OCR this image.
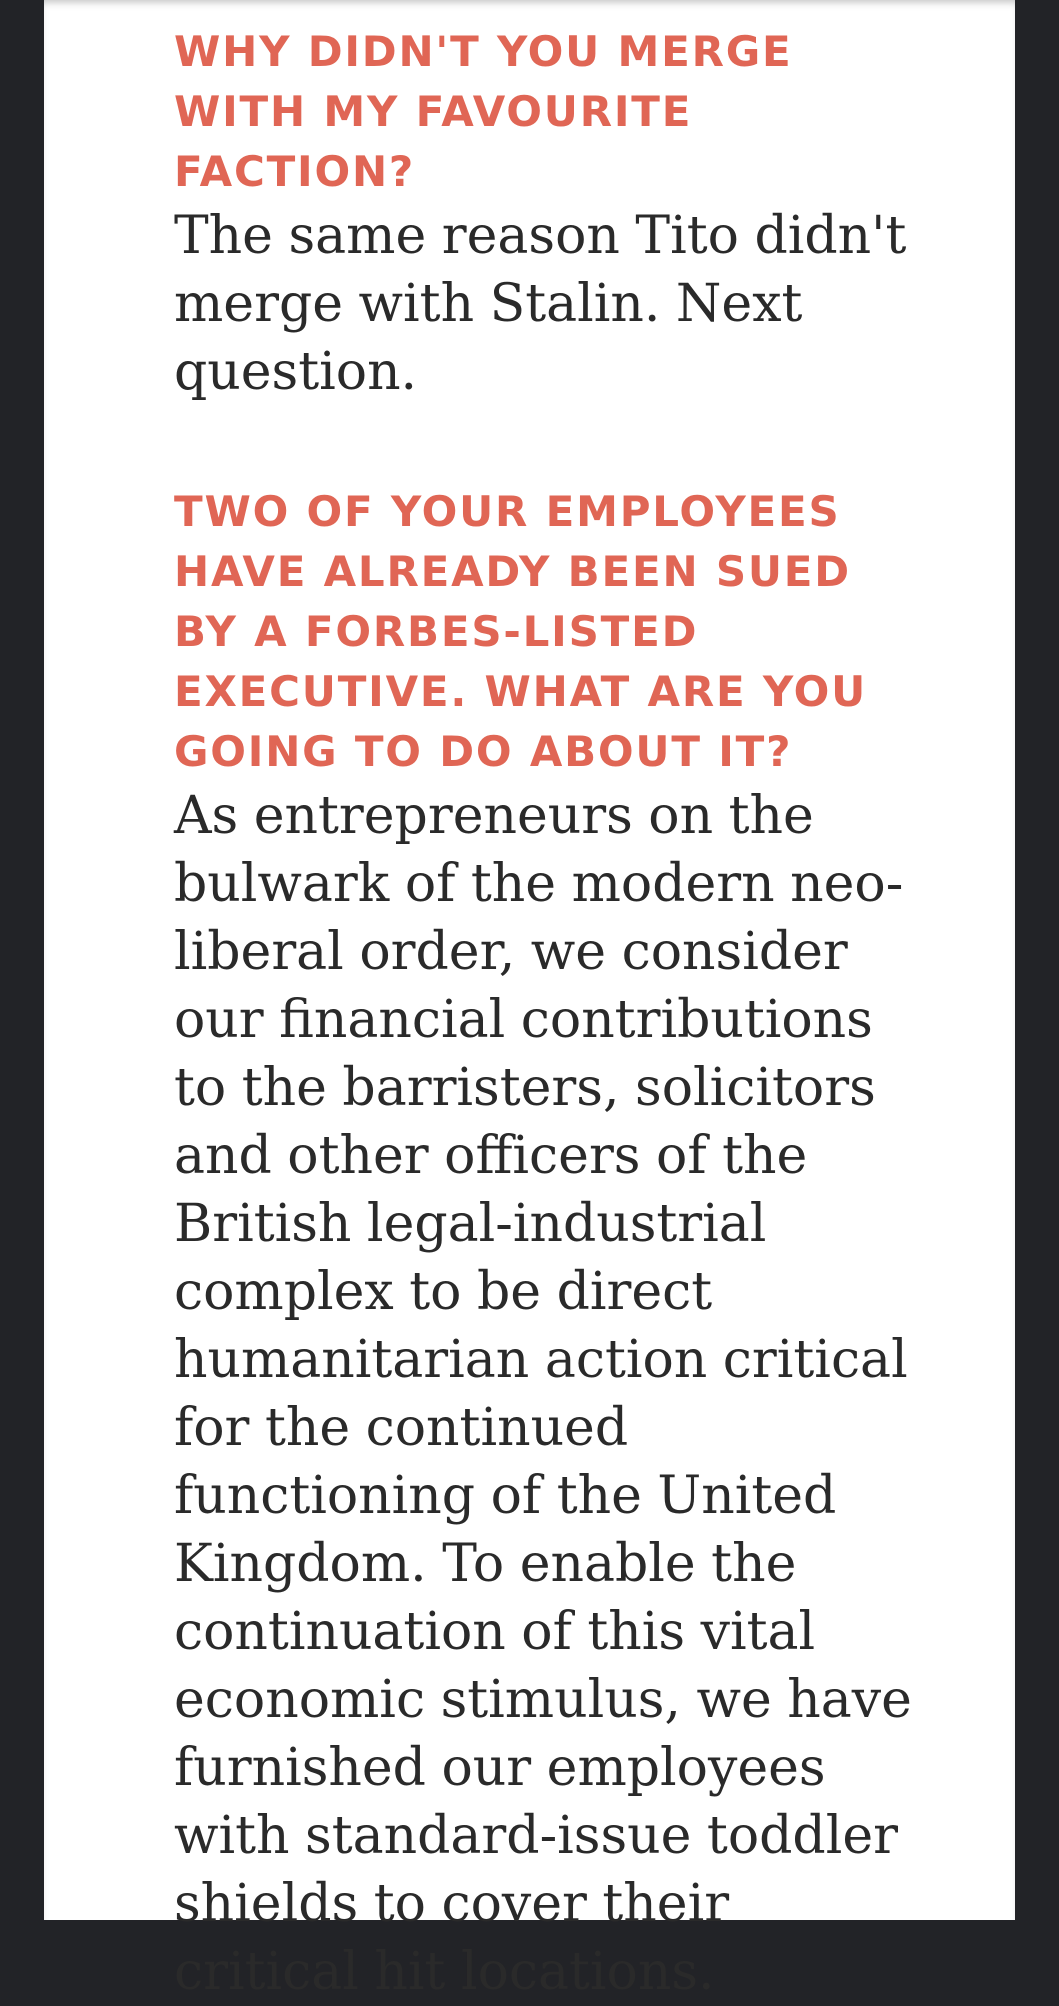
WHY DIDN'T YOU MERGE WITH MY FAVOURITE FACTION?

The same reason Tito didn't merge with Stalin. Next question.

TWO OF YOUR EMPLOYEES HAVE ALREADY BEEN SUED BY A FORBES-LISTED EXECUTIVE. WHAT ARE YOU GOING TO DO ABOUT IT?

As entrepreneurs on the bulwark of the modern neo-liberal order, we consider our financial contributions to the barristers, solicitors and other officers of the British legal-industrial complex to be direct humanitarian action critical for the continued functioning of the United Kingdom. To enable the continuation of this vital economic stimulus, we have furnished our employees with standard-issue toddler shields to cover their critical hit locations.
